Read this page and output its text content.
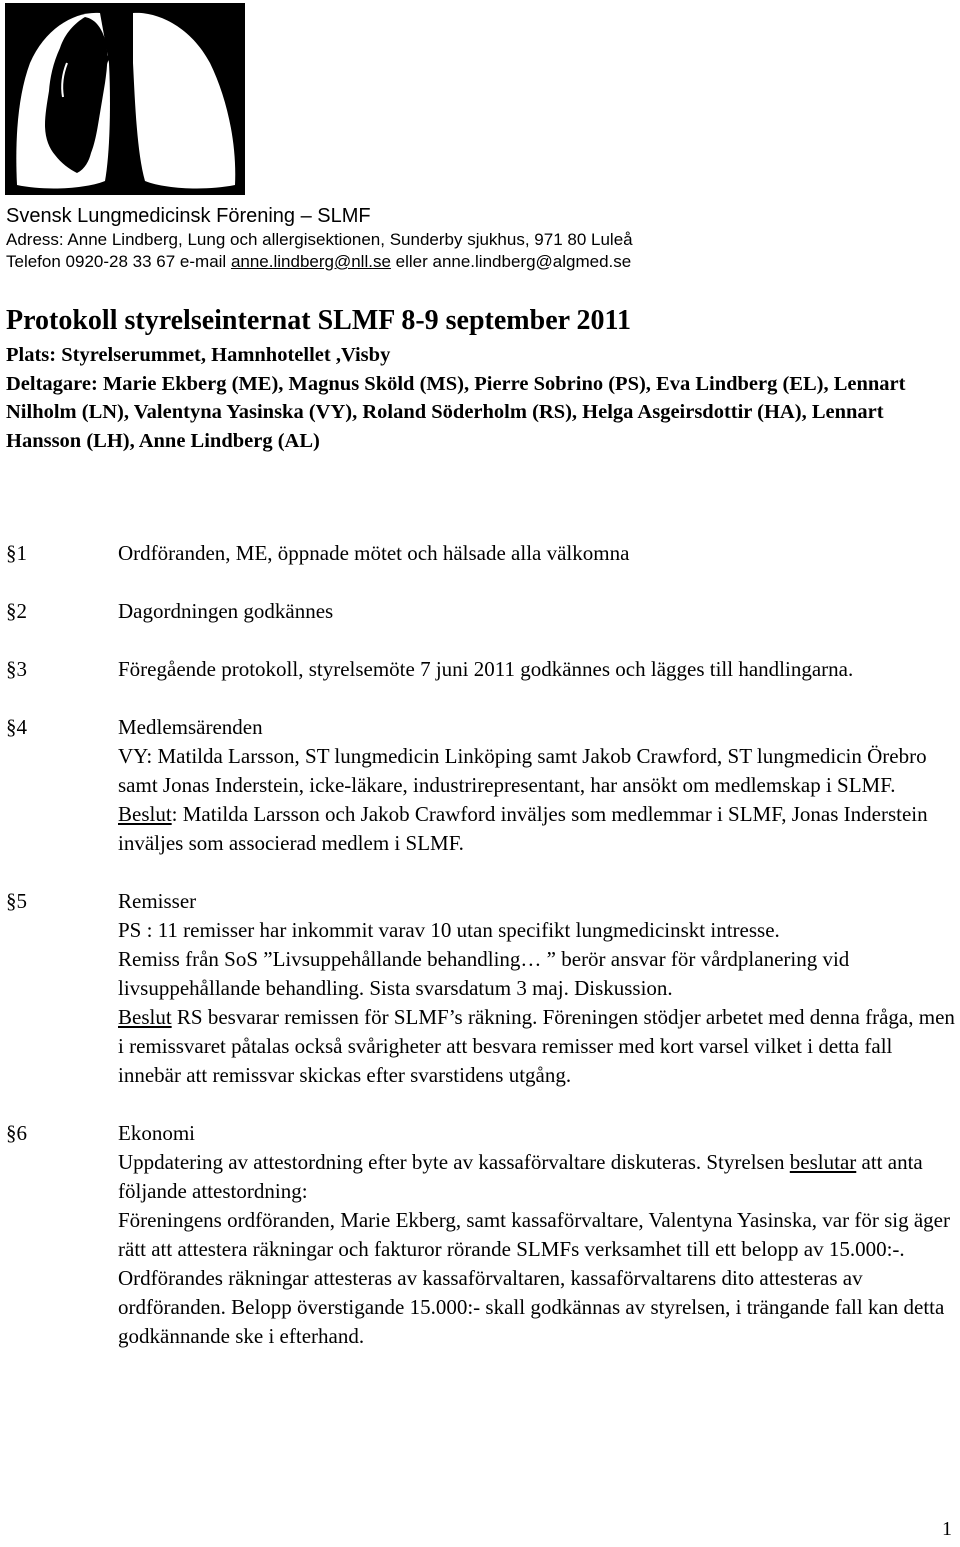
Svensk Lungmedicinsk Förening – SLMF
Adress: Anne Lindberg, Lung och allergisektionen, Sunderby sjukhus, 971 80 Luleå
Telefon 0920-28 33 67 e-mail anne.lindberg@nll.se eller anne.lindberg@algmed.se
Protokoll styrelseinternat SLMF 8-9 september 2011
Plats: Styrelserummet, Hamnhotellet ,Visby
Deltagare: Marie Ekberg (ME), Magnus Sköld (MS), Pierre Sobrino (PS), Eva Lindberg (EL), Lennart Nilholm (LN), Valentyna Yasinska (VY), Roland Söderholm (RS), Helga Asgeirsdottir (HA), Lennart Hansson (LH), Anne Lindberg (AL)
§1	Ordföranden, ME, öppnade mötet och hälsade alla välkomna
§2	Dagordningen godkännes
§3	Föregående protokoll, styrelsemöte 7 juni 2011 godkännes och lägges till handlingarna.
§4	Medlemsärenden
VY: Matilda Larsson, ST lungmedicin Linköping samt Jakob Crawford, ST lungmedicin Örebro samt Jonas Inderstein, icke-läkare, industrirepresentant, har ansökt om medlemskap i SLMF.
Beslut: Matilda Larsson och Jakob Crawford inväljes som medlemmar i SLMF, Jonas Inderstein inväljes som associerad medlem i SLMF.
§5	Remisser
PS : 11 remisser har inkommit varav 10 utan specifikt lungmedicinskt intresse.
Remiss från SoS ”Livsuppehållande behandling… ” berör ansvar för vårdplanering vid livsuppehållande behandling. Sista svarsdatum 3 maj. Diskussion.
Beslut RS besvarar remissen för SLMF’s räkning. Föreningen stödjer arbetet med denna fråga, men i remissvaret påtalas också svårigheter att besvara remisser med kort varsel vilket i detta fall innebär att remissvar skickas efter svarstidens utgång.
§6	Ekonomi
Uppdatering av attestordning efter byte av kassaförvaltare diskuteras. Styrelsen beslutar att anta följande attestordning:
Föreningens ordföranden, Marie Ekberg, samt kassaförvaltare, Valentyna Yasinska, var för sig äger rätt att attestera räkningar och fakturor rörande SLMFs verksamhet till ett belopp av 15.000:-. Ordförandes räkningar attesteras av kassaförvaltaren, kassaförvaltarens dito attesteras av ordföranden. Belopp överstigande 15.000:- skall godkännas av styrelsen, i trängande fall kan detta godkännande ske i efterhand.
1
